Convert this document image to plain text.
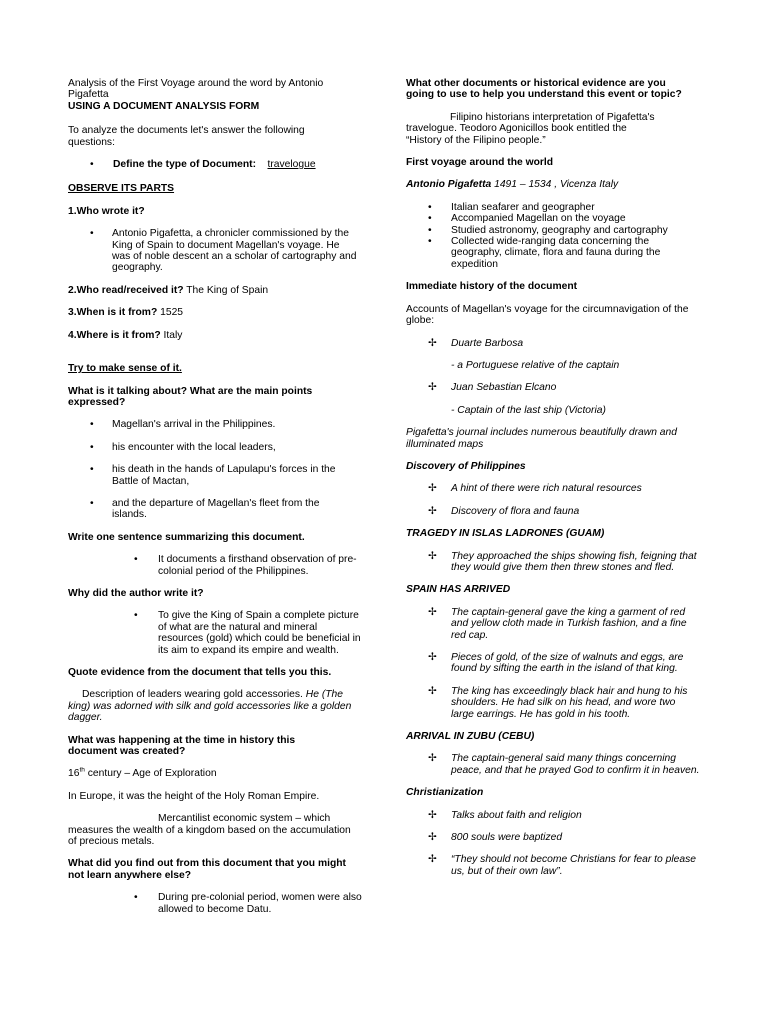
Analysis of the First Voyage around the word by Antonio

Pigafetta

USING A DOCUMENT ANALYSIS FORM

To analyze the documents let's answer the following questions:

• Define the type of Document: travelogue

OBSERVE ITS PARTS

1.Who wrote it?

• Antonio Pigafetta, a chronicler commissioned by the King of Spain to document Magellan's voyage. He was of noble descent an a scholar of cartography and geography.

2.Who read/received it? The King of Spain

3.When is it from? 1525

4.Where is it from? Italy

Try to make sense of it.

What is it talking about? What are the main points expressed?

• Magellan's arrival in the Philippines.

• his encounter with the local leaders,

• his death in the hands of Lapulapu's forces in the Battle of Mactan,

• and the departure of Magellan's fleet from the islands.

Write one sentence summarizing this document.

• It documents a firsthand observation of pre-colonial period of the Philippines.

Why did the author write it?

• To give the King of Spain a complete picture of what are the natural and mineral resources (gold) which could be beneficial in its aim to expand its empire and wealth.

Quote evidence from the document that tells you this.

Description of leaders wearing gold accessories. He (The king) was adorned with silk and gold accessories like a golden dagger.

What was happening at the time in history this document was created?

16th century – Age of Exploration

In Europe, it was the height of the Holy Roman Empire.

Mercantilist economic system – which measures the wealth of a kingdom based on the accumulation of precious metals.

What did you find out from this document that you might not learn anywhere else?

• During pre-colonial period, women were also allowed to become Datu.

What other documents or historical evidence are you going to use to help you understand this event or topic?

Filipino historians interpretation of Pigafetta's travelogue. Teodoro Agonicillos book entitled the “History of the Filipino people.”

First voyage around the world

Antonio Pigafetta 1491 – 1534 , Vicenza Italy

• Italian seafarer and geographer

• Accompanied Magellan on the voyage

• Studied astronomy, geography and cartography

• Collected wide-ranging data concerning the geography, climate, flora and fauna during the expedition

Immediate history of the document

Accounts of Magellan's voyage for the circumnavigation of the globe:

✢ Duarte Barbosa

- a Portuguese relative of the captain

✢ Juan Sebastian Elcano

- Captain of the last ship (Victoria)

Pigafetta's journal includes numerous beautifully drawn and illuminated maps

Discovery of Philippines

✢ A hint of there were rich natural resources

✢ Discovery of flora and fauna

TRAGEDY IN ISLAS LADRONES (GUAM)

✢ They approached the ships showing fish, feigning that they would give them then threw stones and fled.

SPAIN HAS ARRIVED

✢ The captain-general gave the king a garment of red and yellow cloth made in Turkish fashion, and a fine red cap.

✢ Pieces of gold, of the size of walnuts and eggs, are found by sifting the earth in the island of that king.

✢ The king has exceedingly black hair and hung to his shoulders. He had silk on his head, and wore two large earrings. He has gold in his tooth.

ARRIVAL IN ZUBU (CEBU)

✢ The captain-general said many things concerning peace, and that he prayed God to confirm it in heaven.

Christianization

✢ Talks about faith and religion

✢ 800 souls were baptized

✢ “They should not become Christians for fear to please us, but of their own law”.
